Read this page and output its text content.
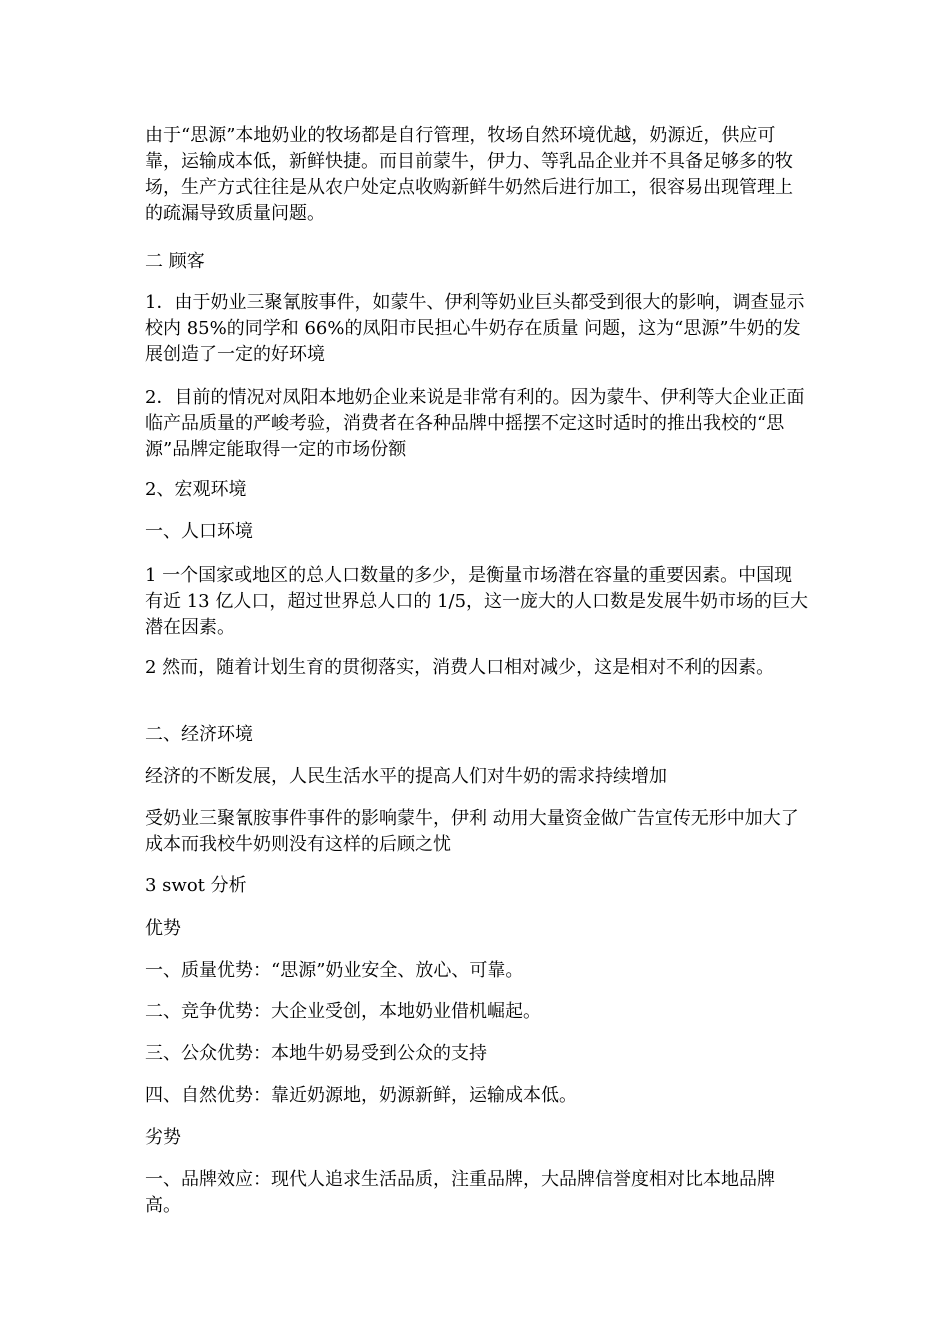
由于“思源”本地奶业的牧场都是自行管理，牧场自然环境优越，奶源近，供应可靠，运输成本低，新鲜快捷。而目前蒙牛，伊力、等乳品企业并不具备足够多的牧场，生产方式往往是从农户处定点收购新鲜牛奶然后进行加工，很容易出现管理上的疏漏导致质量问题。

二 顾客

1．由于奶业三聚氰胺事件，如蒙牛、伊利等奶业巨头都受到很大的影响，调查显示校内 85%的同学和 66%的凤阳市民担心牛奶存在质量 问题，这为“思源”牛奶的发展创造了一定的好环境

2．目前的情况对凤阳本地奶企业来说是非常有利的。因为蒙牛、伊利等大企业正面临产品质量的严峻考验，消费者在各种品牌中摇摆不定这时适时的推出我校的“思源”品牌定能取得一定的市场份额

2、宏观环境

一、人口环境

1 一个国家或地区的总人口数量的多少，是衡量市场潜在容量的重要因素。中国现有近 13 亿人口，超过世界总人口的 1/5，这一庞大的人口数是发展牛奶市场的巨大潜在因素。

2 然而，随着计划生育的贯彻落实，消费人口相对减少，这是相对不利的因素。

二、经济环境

经济的不断发展，人民生活水平的提高人们对牛奶的需求持续增加

受奶业三聚氰胺事件事件的影响蒙牛，伊利 动用大量资金做广告宣传无形中加大了成本而我校牛奶则没有这样的后顾之忧

3 swot 分析

优势

一、质量优势：“思源”奶业安全、放心、可靠。

二、竞争优势：大企业受创，本地奶业借机崛起。

三、公众优势：本地牛奶易受到公众的支持

四、自然优势：靠近奶源地，奶源新鲜，运输成本低。

劣势

一、品牌效应：现代人追求生活品质，注重品牌，大品牌信誉度相对比本地品牌高。
